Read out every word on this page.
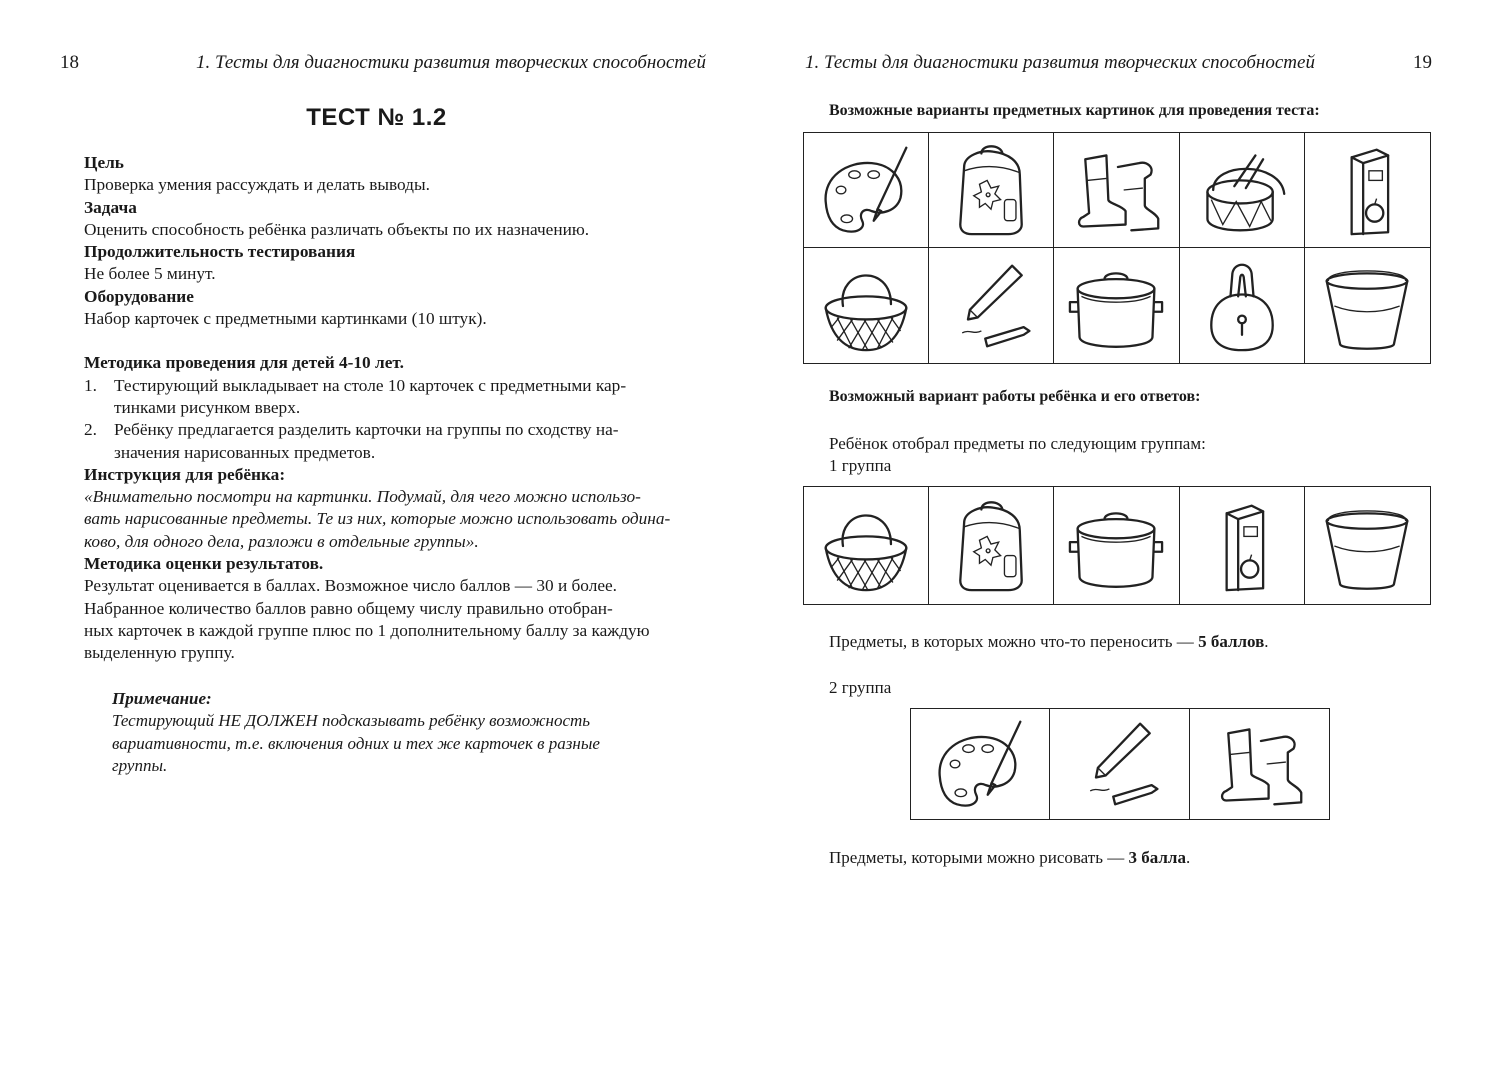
18	1. Тесты для диагностики развития творческих способностей
ТЕСТ № 1.2
Цель
Проверка умения рассуждать и делать выводы.
Задача
Оценить способность ребёнка различать объекты по их назначению.
Продолжительность тестирования
Не более 5 минут.
Оборудование
Набор карточек с предметными картинками (10 штук).
Методика проведения для детей 4-10 лет.
1. Тестирующий выкладывает на столе 10 карточек с предметными кар-
тинками рисунком вверх.
2. Ребёнку предлагается разделить карточки на группы по сходству на-
значения нарисованных предметов.
Инструкция для ребёнка:
«Внимательно посмотри на картинки. Подумай, для чего можно использо-
вать нарисованные предметы. Те из них, которые можно использовать одина-
ково, для одного дела, разложи в отдельные группы».
Методика оценки результатов.
Результат оценивается в баллах. Возможное число баллов — 30 и более.
Набранное количество баллов равно общему числу правильно отобран-
ных карточек в каждой группе плюс по 1 дополнительному баллу за каждую
выделенную группу.
Примечание:
Тестирующий НЕ ДОЛЖЕН подсказывать ребёнку возможность
вариативности, т.е. включения одних и тех же карточек в разные
группы.
1. Тесты для диагностики развития творческих способностей	19
Возможные варианты предметных картинок для проведения теста:
Возможный вариант работы ребёнка и его ответов:
Ребёнок отобрал предметы по следующим группам:
1 группа
Предметы, в которых можно что-то переносить — 5 баллов.
2 группа
Предметы, которыми можно рисовать — 3 балла.
